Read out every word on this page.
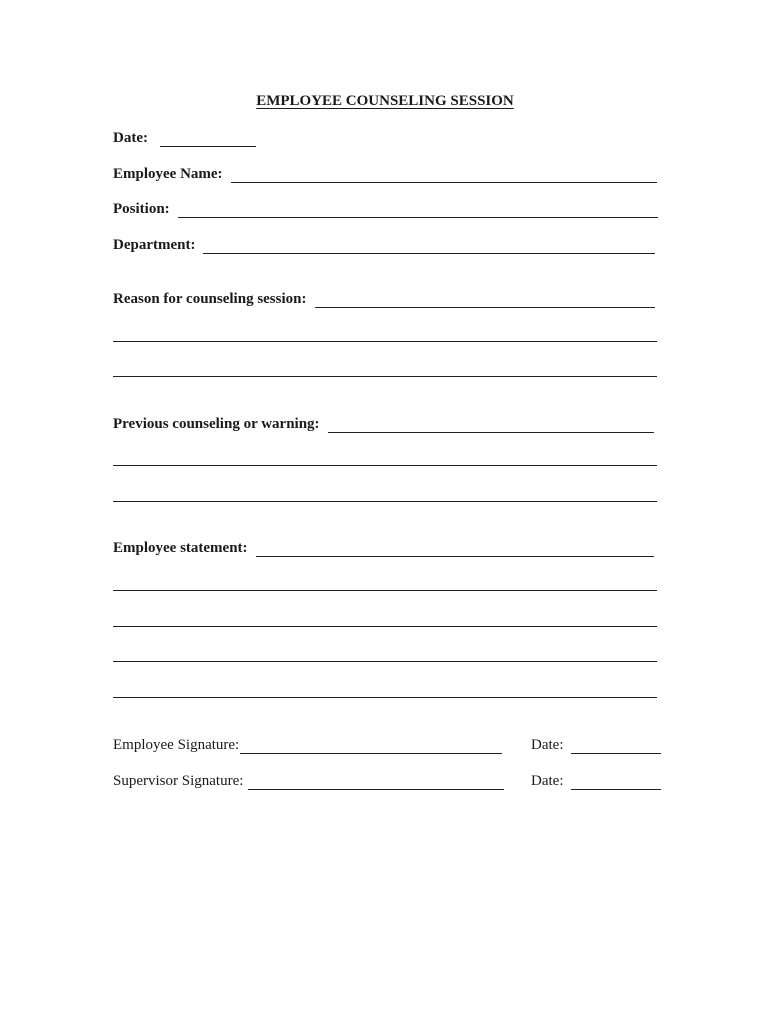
EMPLOYEE COUNSELING SESSION
Date:
Employee Name:
Position:
Department:
Reason for counseling session:
Previous counseling or warning:
Employee statement:
Employee Signature:	Date:
Supervisor Signature:	Date:
